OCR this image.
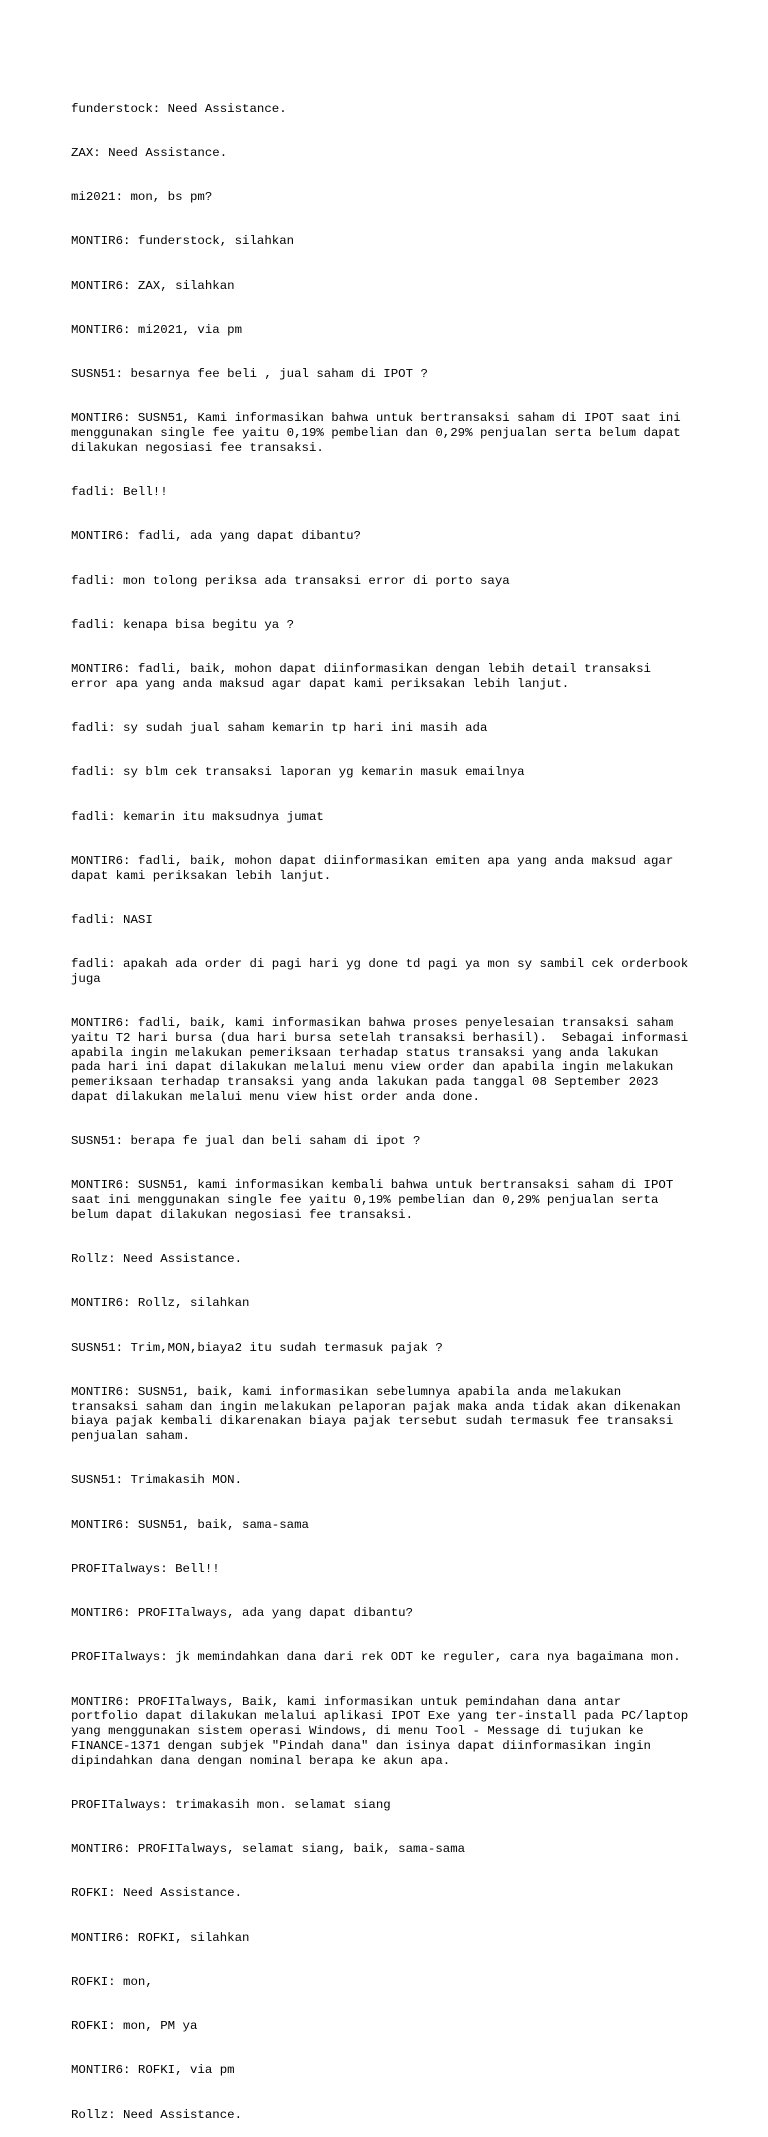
funderstock: Need Assistance.

ZAX: Need Assistance.

mi2021: mon, bs pm?

MONTIR6: funderstock, silahkan

MONTIR6: ZAX, silahkan

MONTIR6: mi2021, via pm

SUSN51: besarnya fee beli , jual saham di IPOT ?

MONTIR6: SUSN51, Kami informasikan bahwa untuk bertransaksi saham di IPOT saat ini
menggunakan single fee yaitu 0,19% pembelian dan 0,29% penjualan serta belum dapat
dilakukan negosiasi fee transaksi.

fadli: Bell!!

MONTIR6: fadli, ada yang dapat dibantu?

fadli: mon tolong periksa ada transaksi error di porto saya

fadli: kenapa bisa begitu ya ?

MONTIR6: fadli, baik, mohon dapat diinformasikan dengan lebih detail transaksi
error apa yang anda maksud agar dapat kami periksakan lebih lanjut.

fadli: sy sudah jual saham kemarin tp hari ini masih ada

fadli: sy blm cek transaksi laporan yg kemarin masuk emailnya

fadli: kemarin itu maksudnya jumat

MONTIR6: fadli, baik, mohon dapat diinformasikan emiten apa yang anda maksud agar
dapat kami periksakan lebih lanjut.

fadli: NASI

fadli: apakah ada order di pagi hari yg done td pagi ya mon sy sambil cek orderbook
juga

MONTIR6: fadli, baik, kami informasikan bahwa proses penyelesaian transaksi saham
yaitu T2 hari bursa (dua hari bursa setelah transaksi berhasil).  Sebagai informasi
apabila ingin melakukan pemeriksaan terhadap status transaksi yang anda lakukan
pada hari ini dapat dilakukan melalui menu view order dan apabila ingin melakukan
pemeriksaan terhadap transaksi yang anda lakukan pada tanggal 08 September 2023
dapat dilakukan melalui menu view hist order anda done.

SUSN51: berapa fe jual dan beli saham di ipot ?

MONTIR6: SUSN51, kami informasikan kembali bahwa untuk bertransaksi saham di IPOT
saat ini menggunakan single fee yaitu 0,19% pembelian dan 0,29% penjualan serta
belum dapat dilakukan negosiasi fee transaksi.

Rollz: Need Assistance.

MONTIR6: Rollz, silahkan

SUSN51: Trim,MON,biaya2 itu sudah termasuk pajak ?

MONTIR6: SUSN51, baik, kami informasikan sebelumnya apabila anda melakukan
transaksi saham dan ingin melakukan pelaporan pajak maka anda tidak akan dikenakan
biaya pajak kembali dikarenakan biaya pajak tersebut sudah termasuk fee transaksi
penjualan saham.

SUSN51: Trimakasih MON.

MONTIR6: SUSN51, baik, sama-sama

PROFITalways: Bell!!

MONTIR6: PROFITalways, ada yang dapat dibantu?

PROFITalways: jk memindahkan dana dari rek ODT ke reguler, cara nya bagaimana mon.

MONTIR6: PROFITalways, Baik, kami informasikan untuk pemindahan dana antar
portfolio dapat dilakukan melalui aplikasi IPOT Exe yang ter-install pada PC/laptop
yang menggunakan sistem operasi Windows, di menu Tool - Message di tujukan ke
FINANCE-1371 dengan subjek "Pindah dana" dan isinya dapat diinformasikan ingin
dipindahkan dana dengan nominal berapa ke akun apa.

PROFITalways: trimakasih mon. selamat siang

MONTIR6: PROFITalways, selamat siang, baik, sama-sama

ROFKI: Need Assistance.

MONTIR6: ROFKI, silahkan

ROFKI: mon,

ROFKI: mon, PM ya

MONTIR6: ROFKI, via pm

Rollz: Need Assistance.
